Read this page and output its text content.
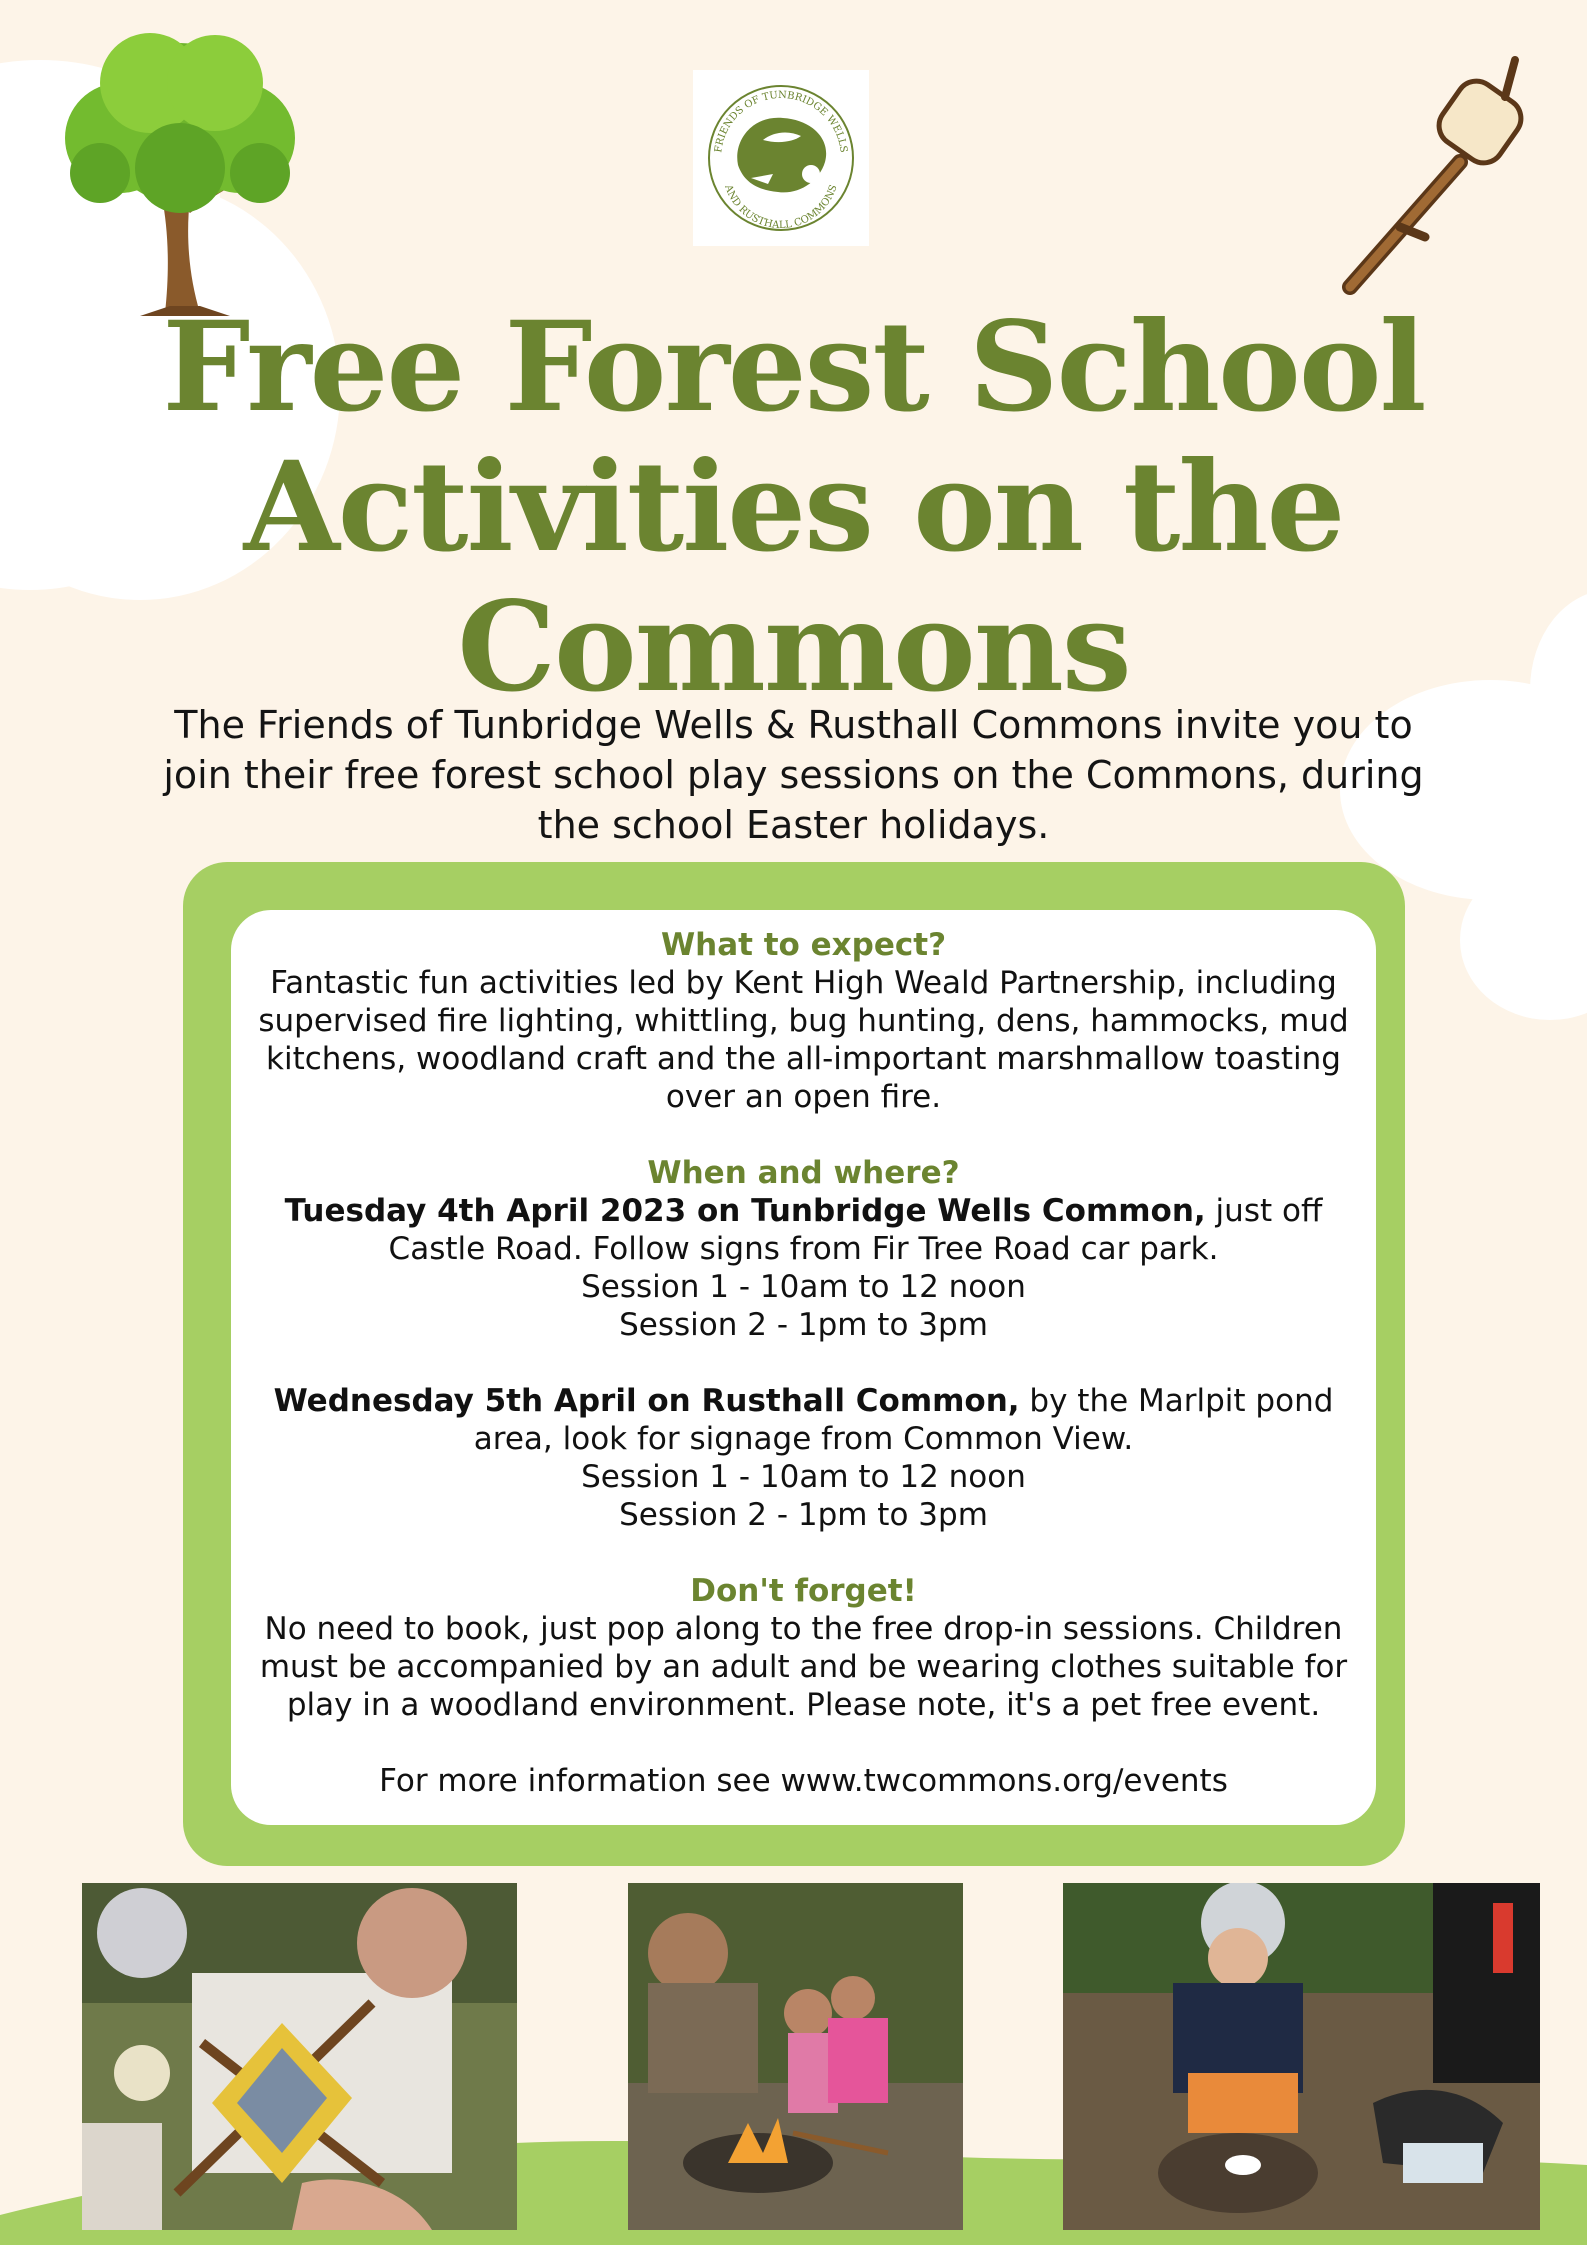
FRIENDS OF TUNBRIDGE WELLS
AND RUSTHALL COMMONS
Free Forest School Activities on the Commons

The Friends of Tunbridge Wells & Rusthall Commons invite you to join their free forest school play sessions on the Commons, during the school Easter holidays.

What to expect?

Fantastic fun activities led by Kent High Weald Partnership, including supervised fire lighting, whittling, bug hunting, dens, hammocks, mud kitchens, woodland craft and the all-important marshmallow toasting over an open fire.

When and where?

Tuesday 4th April 2023 on Tunbridge Wells Common, just off Castle Road. Follow signs from Fir Tree Road car park.

Session 1 - 10am to 12 noon

Session 2 - 1pm to 3pm

Wednesday 5th April on Rusthall Common, by the Marlpit pond area, look for signage from Common View.

Session 1 - 10am to 12 noon

Session 2 - 1pm to 3pm

Don't forget!

No need to book, just pop along to the free drop-in sessions. Children must be accompanied by an adult and be wearing clothes suitable for play in a woodland environment. Please note, it's a pet free event.

For more information see www.twcommons.org/events
